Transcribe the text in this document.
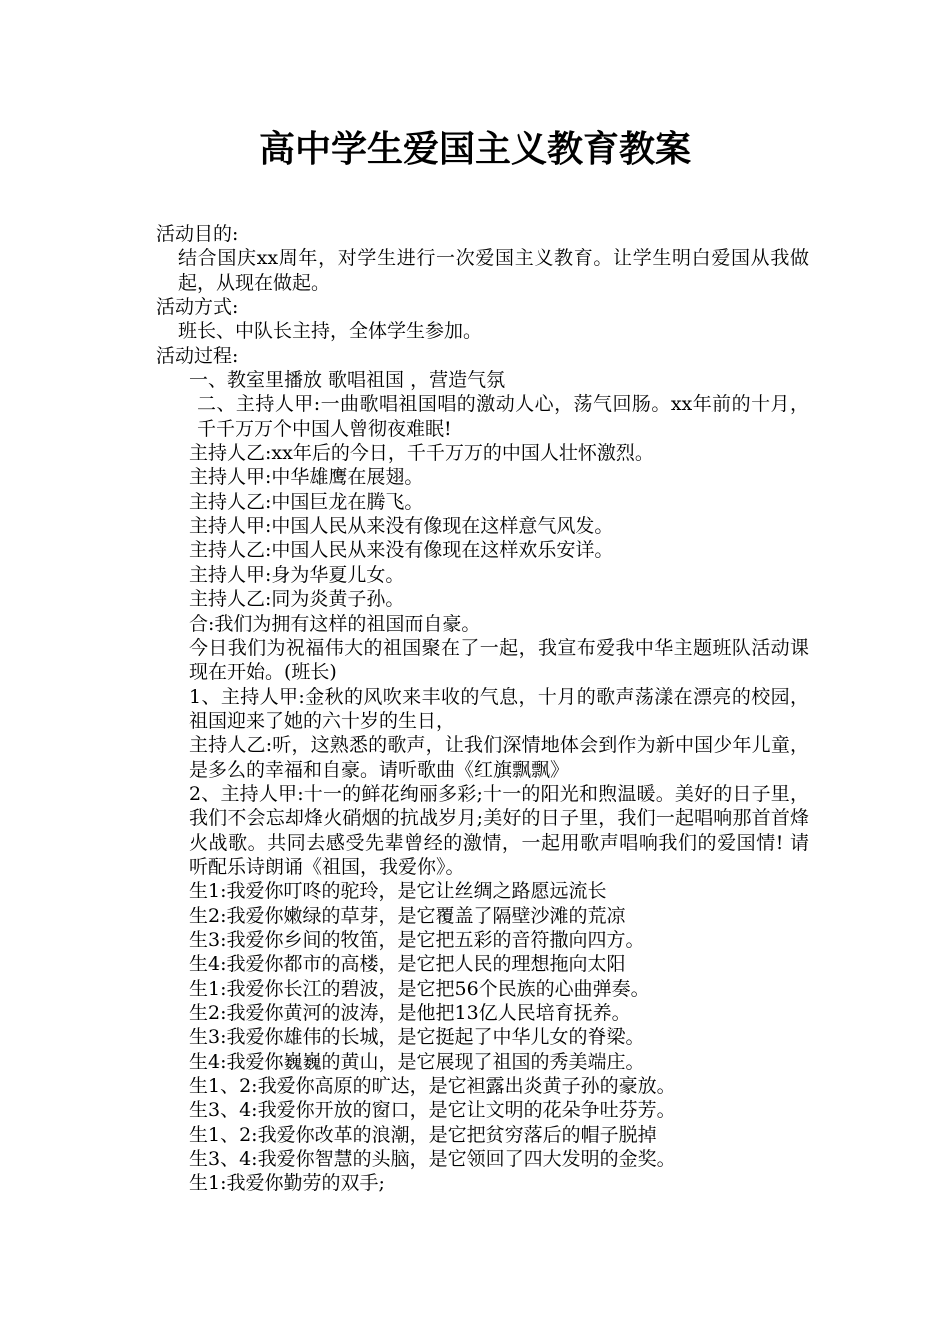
高中学生爱国主义教育教案

活动目的:

结合国庆xx周年，对学生进行一次爱国主义教育。让学生明白爱国从我做起，从现在做起。

活动方式:

班长、中队长主持，全体学生参加。

活动过程:

一、教室里播放 歌唱祖国 ，营造气氛

二、主持人甲:一曲歌唱祖国唱的激动人心，荡气回肠。xx年前的十月，千千万万个中国人曾彻夜难眠!

主持人乙:xx年后的今日，千千万万的中国人壮怀激烈。

主持人甲:中华雄鹰在展翅。

主持人乙:中国巨龙在腾飞。

主持人甲:中国人民从来没有像现在这样意气风发。

主持人乙:中国人民从来没有像现在这样欢乐安详。

主持人甲:身为华夏儿女。

主持人乙:同为炎黄子孙。

合:我们为拥有这样的祖国而自豪。

今日我们为祝福伟大的祖国聚在了一起，我宣布爱我中华主题班队活动课现在开始。(班长)

1、主持人甲:金秋的风吹来丰收的气息，十月的歌声荡漾在漂亮的校园，祖国迎来了她的六十岁的生日，

主持人乙:听，这熟悉的歌声，让我们深情地体会到作为新中国少年儿童，是多么的幸福和自豪。请听歌曲《红旗飘飘》

2、主持人甲:十一的鲜花绚丽多彩;十一的阳光和煦温暖。美好的日子里，我们不会忘却烽火硝烟的抗战岁月;美好的日子里，我们一起唱响那首首烽火战歌。共同去感受先辈曾经的激情，一起用歌声唱响我们的爱国情! 请听配乐诗朗诵《祖国，我爱你》。

生1:我爱你叮咚的驼玲，是它让丝绸之路愿远流长

生2:我爱你嫩绿的草芽，是它覆盖了隔壁沙滩的荒凉

生3:我爱你乡间的牧笛，是它把五彩的音符撒向四方。

生4:我爱你都市的高楼，是它把人民的理想拖向太阳

生1:我爱你长江的碧波，是它把56个民族的心曲弹奏。

生2:我爱你黄河的波涛，是他把13亿人民培育抚养。

生3:我爱你雄伟的长城，是它挺起了中华儿女的脊梁。

生4:我爱你巍巍的黄山，是它展现了祖国的秀美端庄。

生1、2:我爱你高原的旷达，是它袒露出炎黄子孙的豪放。

生3、4:我爱你开放的窗口，是它让文明的花朵争吐芬芳。

生1、2:我爱你改革的浪潮，是它把贫穷落后的帽子脱掉

生3、4:我爱你智慧的头脑，是它领回了四大发明的金奖。

生1:我爱你勤劳的双手;
